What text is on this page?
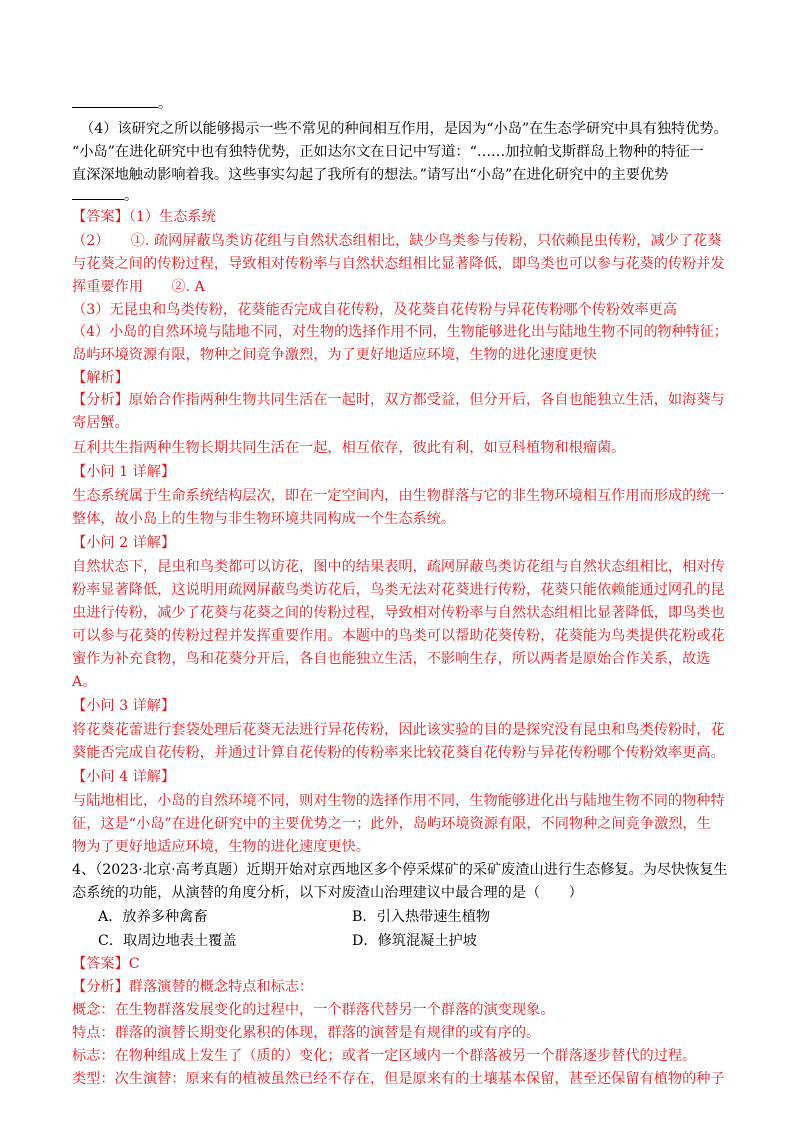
。
（4）该研究之所以能够揭示一些不常见的种间相互作用，是因为“小岛”在生态学研究中具有独特优势。
“小岛”在进化研究中也有独特优势，正如达尔文在日记中写道：“……加拉帕戈斯群岛上物种的特征一
直深深地触动影响着我。这些事实勾起了我所有的想法。”请写出“小岛”在进化研究中的主要优势
。
【答案】（1）生态系统
（2）　　①. 疏网屏蔽鸟类访花组与自然状态组相比，缺少鸟类参与传粉，只依赖昆虫传粉，减少了花葵
与花葵之间的传粉过程，导致相对传粉率与自然状态组相比显著降低，即鸟类也可以参与花葵的传粉并发
挥重要作用　　②. A
（3）无昆虫和鸟类传粉，花葵能否完成自花传粉，及花葵自花传粉与异花传粉哪个传粉效率更高
（4）小岛的自然环境与陆地不同，对生物的选择作用不同，生物能够进化出与陆地生物不同的物种特征；
岛屿环境资源有限，物种之间竞争激烈，为了更好地适应环境，生物的进化速度更快
【解析】
【分析】原始合作指两种生物共同生活在一起时，双方都受益，但分开后，各自也能独立生活，如海葵与
寄居蟹。
互利共生指两种生物长期共同生活在一起，相互依存，彼此有利，如豆科植物和根瘤菌。
【小问 1 详解】
生态系统属于生命系统结构层次，即在一定空间内，由生物群落与它的非生物环境相互作用而形成的统一
整体，故小岛上的生物与非生物环境共同构成一个生态系统。
【小问 2 详解】
自然状态下，昆虫和鸟类都可以访花，图中的结果表明，疏网屏蔽鸟类访花组与自然状态组相比，相对传
粉率显著降低，这说明用疏网屏蔽鸟类访花后，鸟类无法对花葵进行传粉，花葵只能依赖能通过网孔的昆
虫进行传粉，减少了花葵与花葵之间的传粉过程，导致相对传粉率与自然状态组相比显著降低，即鸟类也
可以参与花葵的传粉过程并发挥重要作用。本题中的鸟类可以帮助花葵传粉，花葵能为鸟类提供花粉或花
蜜作为补充食物，鸟和花葵分开后，各自也能独立生活，不影响生存，所以两者是原始合作关系，故选
A。
【小问 3 详解】
将花葵花蕾进行套袋处理后花葵无法进行异花传粉，因此该实验的目的是探究没有昆虫和鸟类传粉时，花
葵能否完成自花传粉，并通过计算自花传粉的传粉率来比较花葵自花传粉与异花传粉哪个传粉效率更高。
【小问 4 详解】
与陆地相比，小岛的自然环境不同，则对生物的选择作用不同，生物能够进化出与陆地生物不同的物种特
征，这是“小岛”在进化研究中的主要优势之一；此外，岛屿环境资源有限，不同物种之间竞争激烈，生
物为了更好地适应环境，生物的进化速度更快。
4、（2023·北京·高考真题）近期开始对京西地区多个停采煤矿的采矿废渣山进行生态修复。为尽快恢复生
态系统的功能，从演替的角度分析，以下对废渣山治理建议中最合理的是（　　）
A．放养多种禽畜	B．引入热带速生植物
C．取周边地表土覆盖	D．修筑混凝土护坡
【答案】C
【分析】群落演替的概念特点和标志：
概念：在生物群落发展变化的过程中，一个群落代替另一个群落的演变现象。
特点：群落的演替长期变化累积的体现，群落的演替是有规律的或有序的。
标志：在物种组成上发生了（质的）变化；或者一定区域内一个群落被另一个群落逐步替代的过程。
类型：次生演替：原来有的植被虽然已经不存在，但是原来有的土壤基本保留，甚至还保留有植物的种子
